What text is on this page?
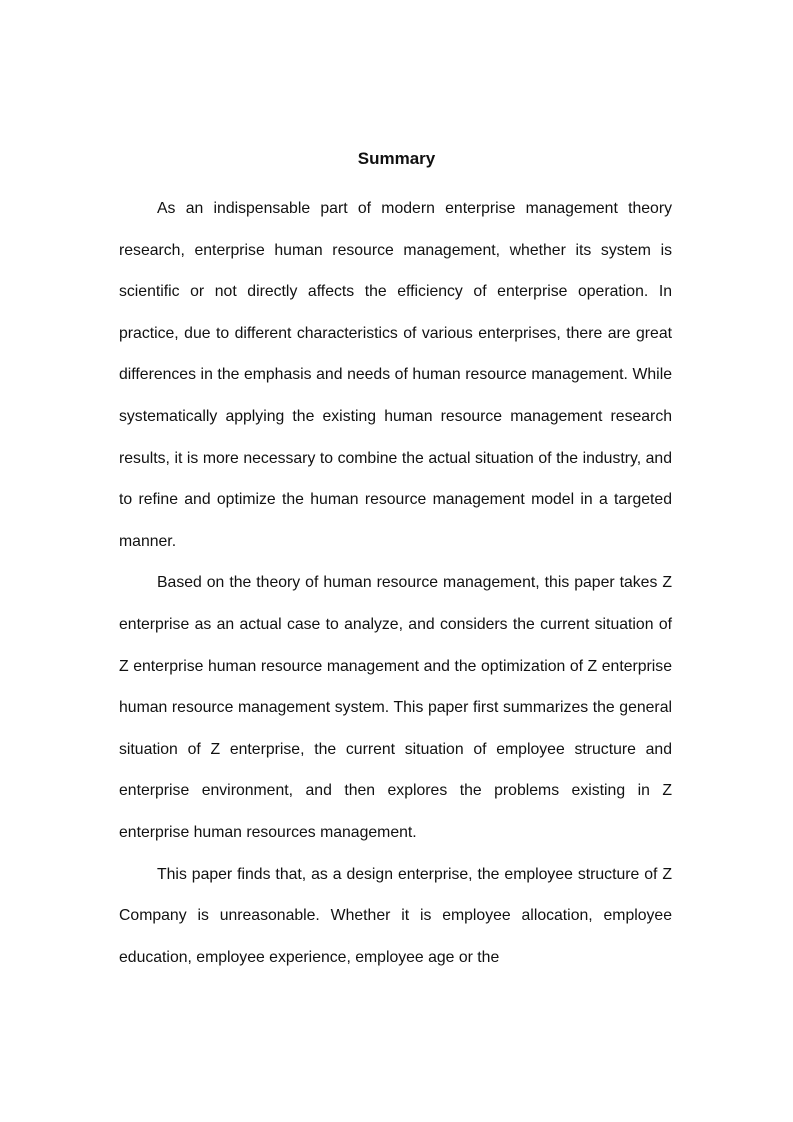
Summary

As an indispensable part of modern enterprise management theory research, enterprise human resource management, whether its system is scientific or not directly affects the efficiency of enterprise operation. In practice, due to different characteristics of various enterprises, there are great differences in the emphasis and needs of human resource management. While systematically applying the existing human resource management research results, it is more necessary to combine the actual situation of the industry, and to refine and optimize the human resource management model in a targeted manner.

Based on the theory of human resource management, this paper takes Z enterprise as an actual case to analyze, and considers the current situation of Z enterprise human resource management and the optimization of Z enterprise human resource management system. This paper first summarizes the general situation of Z enterprise, the current situation of employee structure and enterprise environment, and then explores the problems existing in Z enterprise human resources management.

This paper finds that, as a design enterprise, the employee structure of Z Company is unreasonable. Whether it is employee allocation, employee education, employee experience, employee age or the
